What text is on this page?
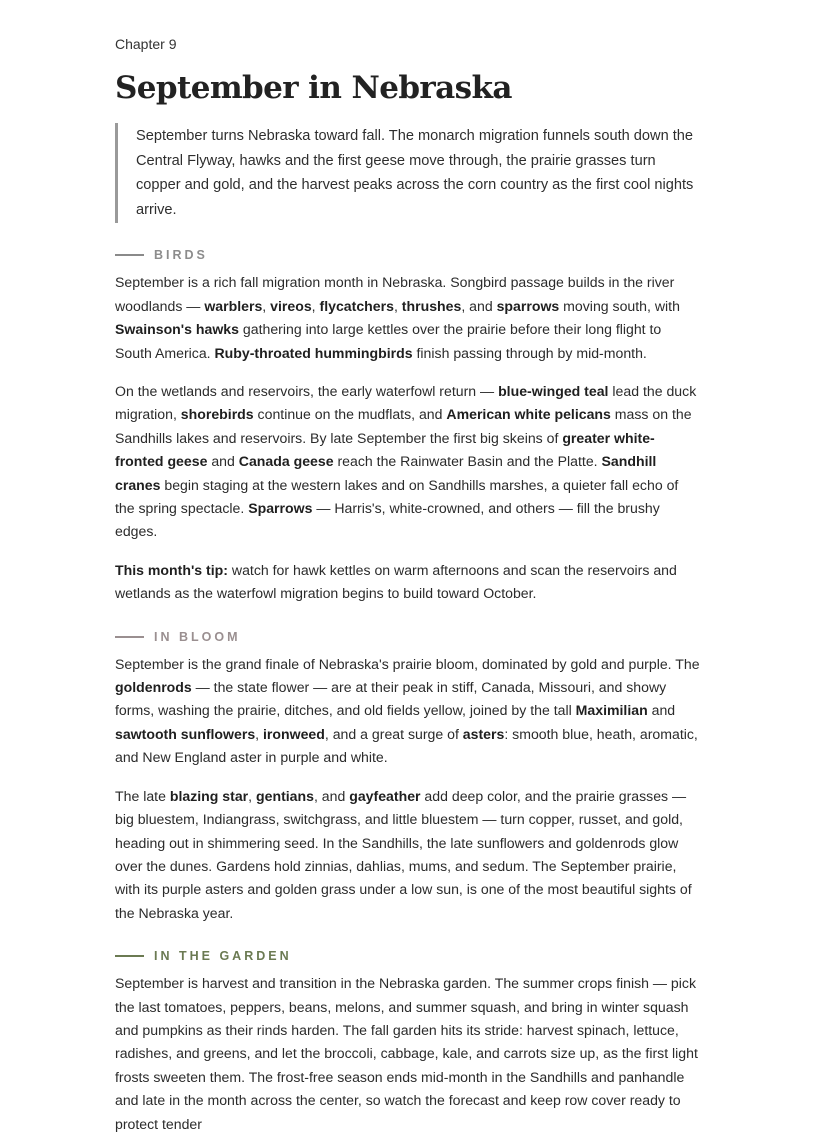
Chapter 9
September in Nebraska

September turns Nebraska toward fall. The monarch migration funnels south down the Central Flyway, hawks and the first geese move through, the prairie grasses turn copper and gold, and the harvest peaks across the corn country as the first cool nights arrive.

BIRDS

September is a rich fall migration month in Nebraska. Songbird passage builds in the river woodlands — warblers, vireos, flycatchers, thrushes, and sparrows moving south, with Swainson's hawks gathering into large kettles over the prairie before their long flight to South America. Ruby-throated hummingbirds finish passing through by mid-month.

On the wetlands and reservoirs, the early waterfowl return — blue-winged teal lead the duck migration, shorebirds continue on the mudflats, and American white pelicans mass on the Sandhills lakes and reservoirs. By late September the first big skeins of greater white-fronted geese and Canada geese reach the Rainwater Basin and the Platte. Sandhill cranes begin staging at the western lakes and on Sandhills marshes, a quieter fall echo of the spring spectacle. Sparrows — Harris's, white-crowned, and others — fill the brushy edges.

This month's tip: watch for hawk kettles on warm afternoons and scan the reservoirs and wetlands as the waterfowl migration begins to build toward October.

IN BLOOM

September is the grand finale of Nebraska's prairie bloom, dominated by gold and purple. The goldenrods — the state flower — are at their peak in stiff, Canada, Missouri, and showy forms, washing the prairie, ditches, and old fields yellow, joined by the tall Maximilian and sawtooth sunflowers, ironweed, and a great surge of asters: smooth blue, heath, aromatic, and New England aster in purple and white.

The late blazing star, gentians, and gayfeather add deep color, and the prairie grasses — big bluestem, Indiangrass, switchgrass, and little bluestem — turn copper, russet, and gold, heading out in shimmering seed. In the Sandhills, the late sunflowers and goldenrods glow over the dunes. Gardens hold zinnias, dahlias, mums, and sedum. The September prairie, with its purple asters and golden grass under a low sun, is one of the most beautiful sights of the Nebraska year.

IN THE GARDEN

September is harvest and transition in the Nebraska garden. The summer crops finish — pick the last tomatoes, peppers, beans, melons, and summer squash, and bring in winter squash and pumpkins as their rinds harden. The fall garden hits its stride: harvest spinach, lettuce, radishes, and greens, and let the broccoli, cabbage, kale, and carrots size up, as the first light frosts sweeten them. The frost-free season ends mid-month in the Sandhills and panhandle and late in the month across the center, so watch the forecast and keep row cover ready to protect tender
